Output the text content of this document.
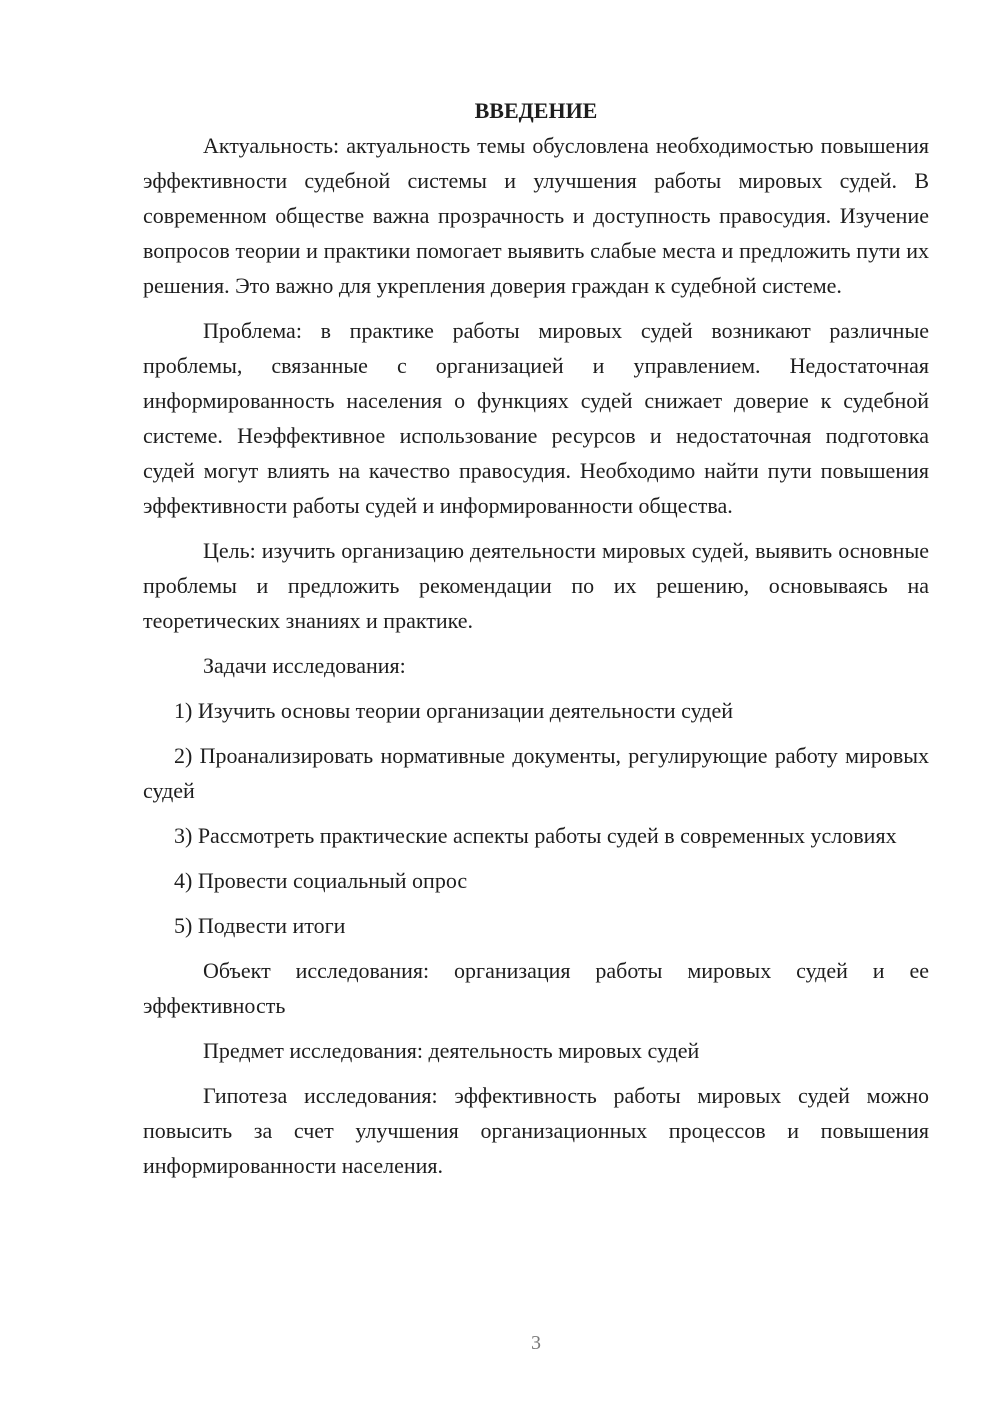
ВВЕДЕНИЕ

Актуальность: актуальность темы обусловлена необходимостью повышения эффективности судебной системы и улучшения работы мировых судей. В современном обществе важна прозрачность и доступность правосудия. Изучение вопросов теории и практики помогает выявить слабые места и предложить пути их решения. Это важно для укрепления доверия граждан к судебной системе.

Проблема: в практике работы мировых судей возникают различные проблемы, связанные с организацией и управлением. Недостаточная информированность населения о функциях судей снижает доверие к судебной системе. Неэффективное использование ресурсов и недостаточная подготовка судей могут влиять на качество правосудия. Необходимо найти пути повышения эффективности работы судей и информированности общества.

Цель: изучить организацию деятельности мировых судей, выявить основные проблемы и предложить рекомендации по их решению, основываясь на теоретических знаниях и практике.

Задачи исследования:

1) Изучить основы теории организации деятельности судей

2) Проанализировать нормативные документы, регулирующие работу мировых судей

3) Рассмотреть практические аспекты работы судей в современных условиях

4) Провести социальный опрос

5) Подвести итоги

Объект исследования: организация работы мировых судей и ее эффективность

Предмет исследования: деятельность мировых судей

Гипотеза исследования: эффективность работы мировых судей можно повысить за счет улучшения организационных процессов и повышения информированности населения.

3
